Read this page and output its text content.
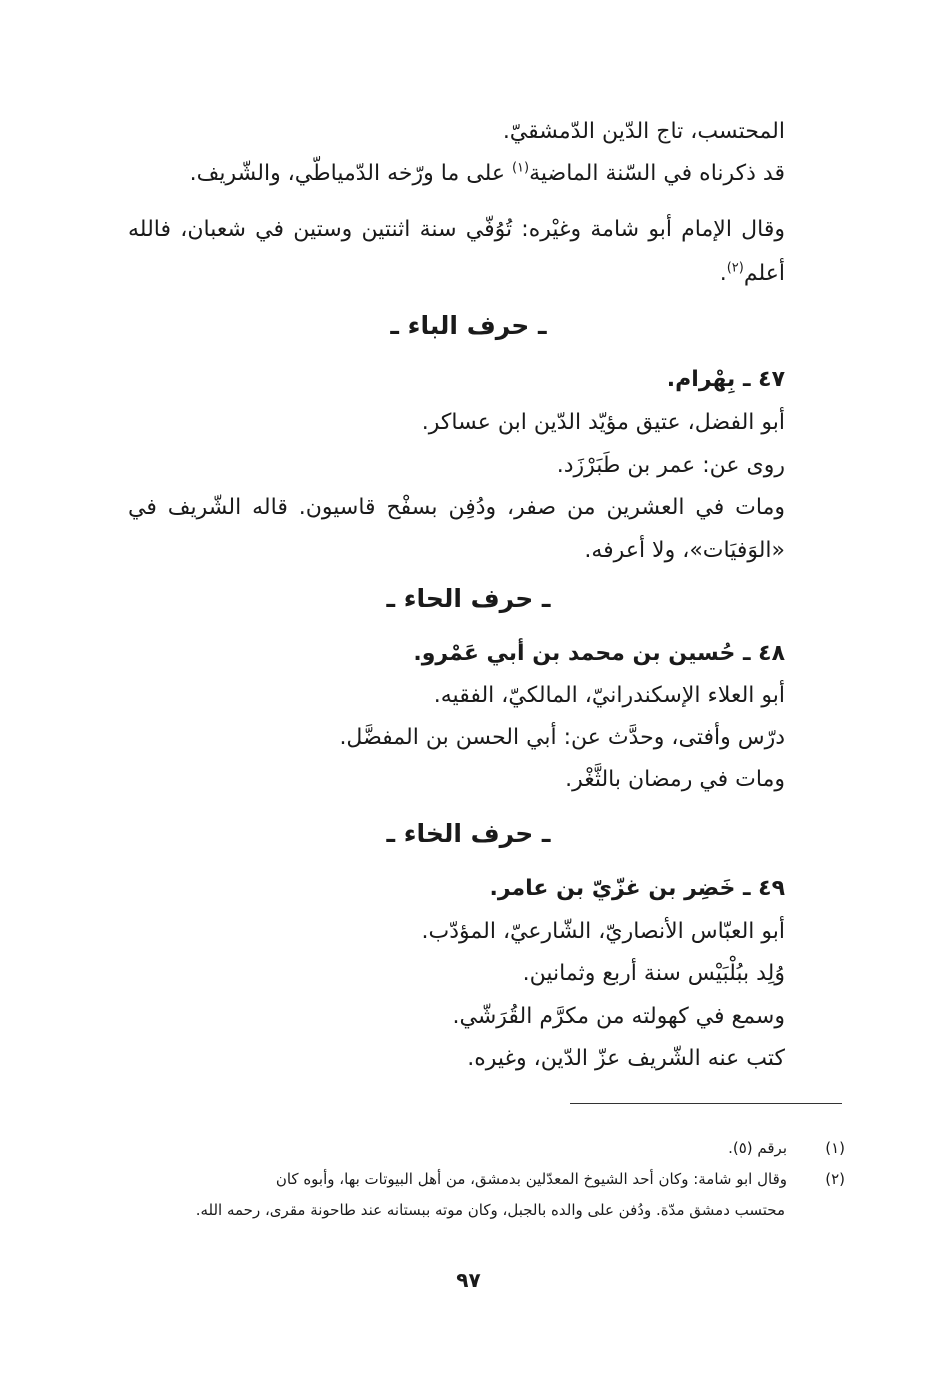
المحتسب، تاج الدّين الدّمشقيّ.
قد ذكرناه في السّنة الماضية$^{(١)}$ على ما ورّخه الدّمياطّي، والشّريف.
وقال الإمام أبو شامة وغيْره: تُوُفّي سنة اثنتين وستين في شعبان، فالله
أعلم$^{(٢)}$.
ـ حرف الباء ـ
٤٧ ـ بِهْرام.
أبو الفضل، عتيق مؤيّد الدّين ابن عساكر.
روى عن: عمر بن طَبَرْزَد.
ومات في العشرين من صفر، ودُفِن بسفْح قاسيون. قاله الشّريف في
«الوَفيَات»، ولا أعرفه.
ـ حرف الحاء ـ
٤٨ ـ حُسين بن محمد بن أبي عَمْرو.
أبو العلاء الإسكندرانيّ، المالكيّ، الفقيه.
درّس وأفتى، وحدَّث عن: أبي الحسن بن المفضَّل.
ومات في رمضان بالثَّغْر.
ـ حرف الخاء ـ
٤٩ ـ خَضِر بن غزّيّ بن عامر.
أبو العبّاس الأنصاريّ، الشّارعيّ، المؤدّب.
وُلِد ببُلْبَيْس سنة أربع وثمانين.
وسمع في كهولته من مكرَّم القُرَشّي.
كتب عنه الشّريف عزّ الدّين، وغيره.
(١)برقم (٥).
(٢)وقال ابو شامة: وكان أحد الشيوخ المعدّلين بدمشق، من أهل البيوتات بها، وأبوه كان
محتسب دمشق مدّة. ودُفن على والده بالجبل، وكان موته ببستانه عند طاحونة مقرى، رحمه الله.
٩٧
